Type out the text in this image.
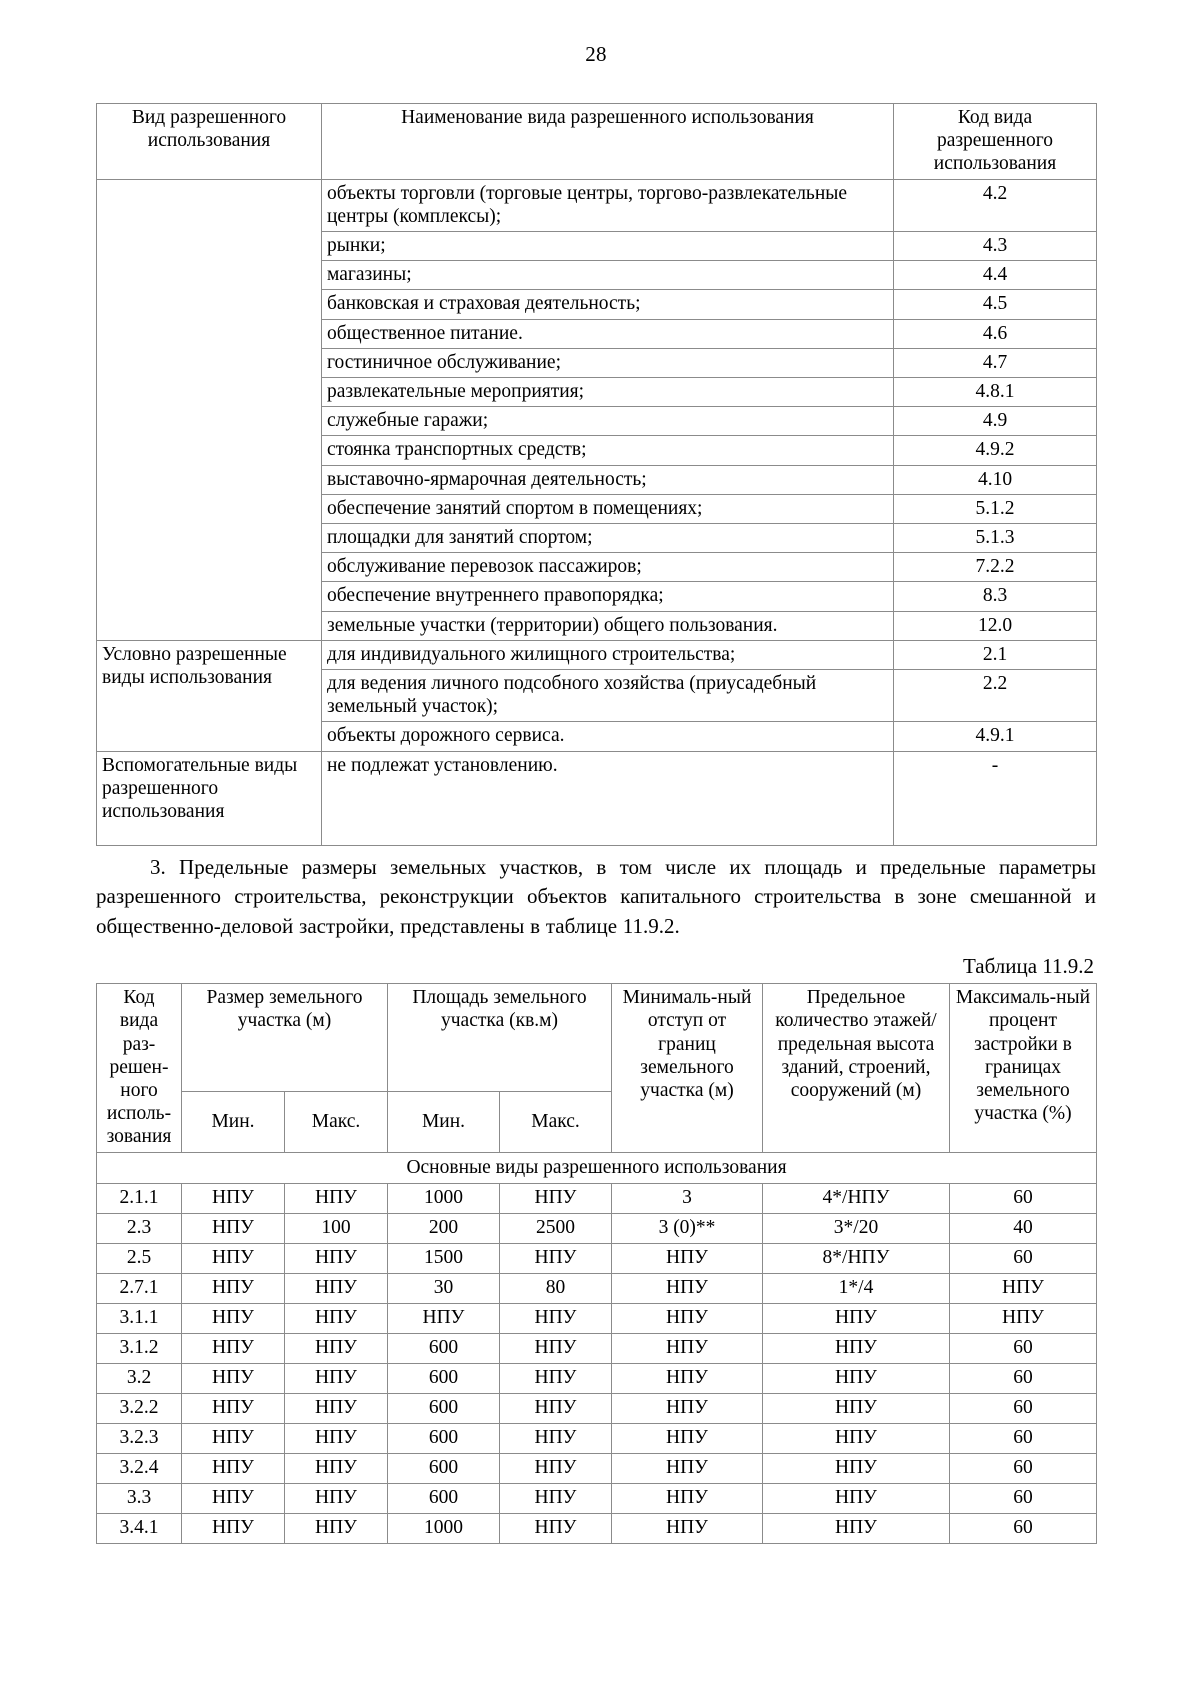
28
Вид разрешенного использования	Наименование вида разрешенного использования	Код вида разрешенного использования
	объекты торговли (торговые центры, торгово-развлекательные центры (комплексы);	4.2
	рынки;	4.3
	магазины;	4.4
	банковская и страховая деятельность;	4.5
	общественное питание.	4.6
	гостиничное обслуживание;	4.7
	развлекательные мероприятия;	4.8.1
	служебные гаражи;	4.9
	стоянка транспортных средств;	4.9.2
	выставочно-ярмарочная деятельность;	4.10
	обеспечение занятий спортом в помещениях;	5.1.2
	площадки для занятий спортом;	5.1.3
	обслуживание перевозок пассажиров;	7.2.2
	обеспечение внутреннего правопорядка;	8.3
	земельные участки (территории) общего пользования.	12.0
Условно разрешенные виды использования	для индивидуального жилищного строительства;	2.1
	для ведения личного подсобного хозяйства (приусадебный земельный участок);	2.2
	объекты дорожного сервиса.	4.9.1
Вспомогательные виды разрешенного использования	не подлежат установлению.	-

3. Предельные размеры земельных участков, в том числе их площадь и предельные параметры разрешенного строительства, реконструкции объектов капитального строительства в зоне смешанной и общественно-деловой застройки, представлены в таблице 11.9.2.

Таблица 11.9.2
Код вида раз-решен-ного исполь-зования	Размер земельного участка (м)		Площадь земельного участка (кв.м)		Минималь-ный отступ от границ земельного участка (м)	Предельное количество этажей/ предельная высота зданий, строений, сооружений (м)	Максималь-ный процент застройки в границах земельного участка (%)
	Мин.	Макс.	Мин.	Макс.			
Основные виды разрешенного использования							
2.1.1	НПУ	НПУ	1000	НПУ	3	4*/НПУ	60
2.3	НПУ	100	200	2500	3 (0)**	3*/20	40
2.5	НПУ	НПУ	1500	НПУ	НПУ	8*/НПУ	60
2.7.1	НПУ	НПУ	30	80	НПУ	1*/4	НПУ
3.1.1	НПУ	НПУ	НПУ	НПУ	НПУ	НПУ	НПУ
3.1.2	НПУ	НПУ	600	НПУ	НПУ	НПУ	60
3.2	НПУ	НПУ	600	НПУ	НПУ	НПУ	60
3.2.2	НПУ	НПУ	600	НПУ	НПУ	НПУ	60
3.2.3	НПУ	НПУ	600	НПУ	НПУ	НПУ	60
3.2.4	НПУ	НПУ	600	НПУ	НПУ	НПУ	60
3.3	НПУ	НПУ	600	НПУ	НПУ	НПУ	60
3.4.1	НПУ	НПУ	1000	НПУ	НПУ	НПУ	60
